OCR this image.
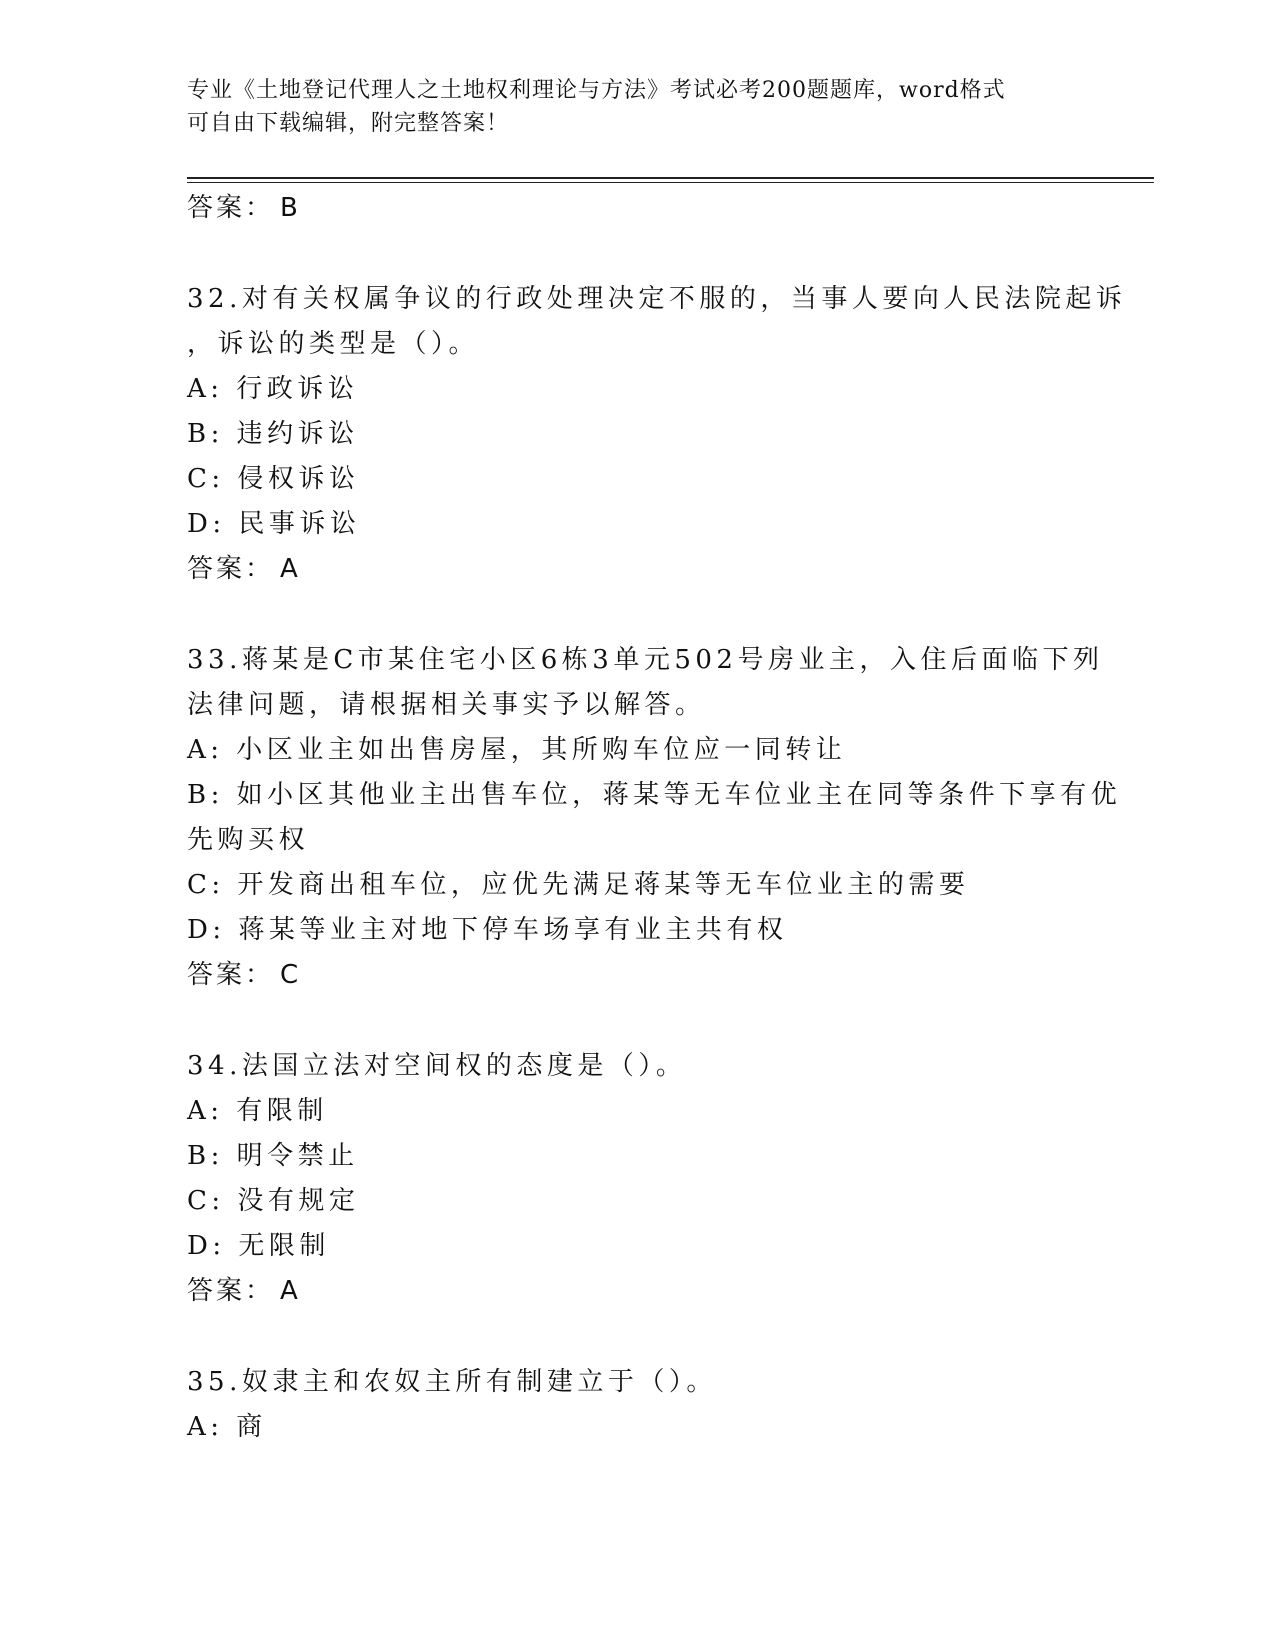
专业《土地登记代理人之土地权利理论与方法》考试必考200题题库，word格式
可自由下载编辑，附完整答案！
答案： B
32.对有关权属争议的行政处理决定不服的，当事人要向人民法院起诉
，诉讼的类型是（）。
A: 行政诉讼
B: 违约诉讼
C: 侵权诉讼
D: 民事诉讼
答案： A
33.蒋某是C市某住宅小区6栋3单元502号房业主，入住后面临下列
法律问题，请根据相关事实予以解答。
A: 小区业主如出售房屋，其所购车位应一同转让
B: 如小区其他业主出售车位，蒋某等无车位业主在同等条件下享有优
先购买权
C: 开发商出租车位，应优先满足蒋某等无车位业主的需要
D: 蒋某等业主对地下停车场享有业主共有权
答案： C
34.法国立法对空间权的态度是（）。
A: 有限制
B: 明令禁止
C: 没有规定
D: 无限制
答案： A
35.奴隶主和农奴主所有制建立于（）。
A: 商
